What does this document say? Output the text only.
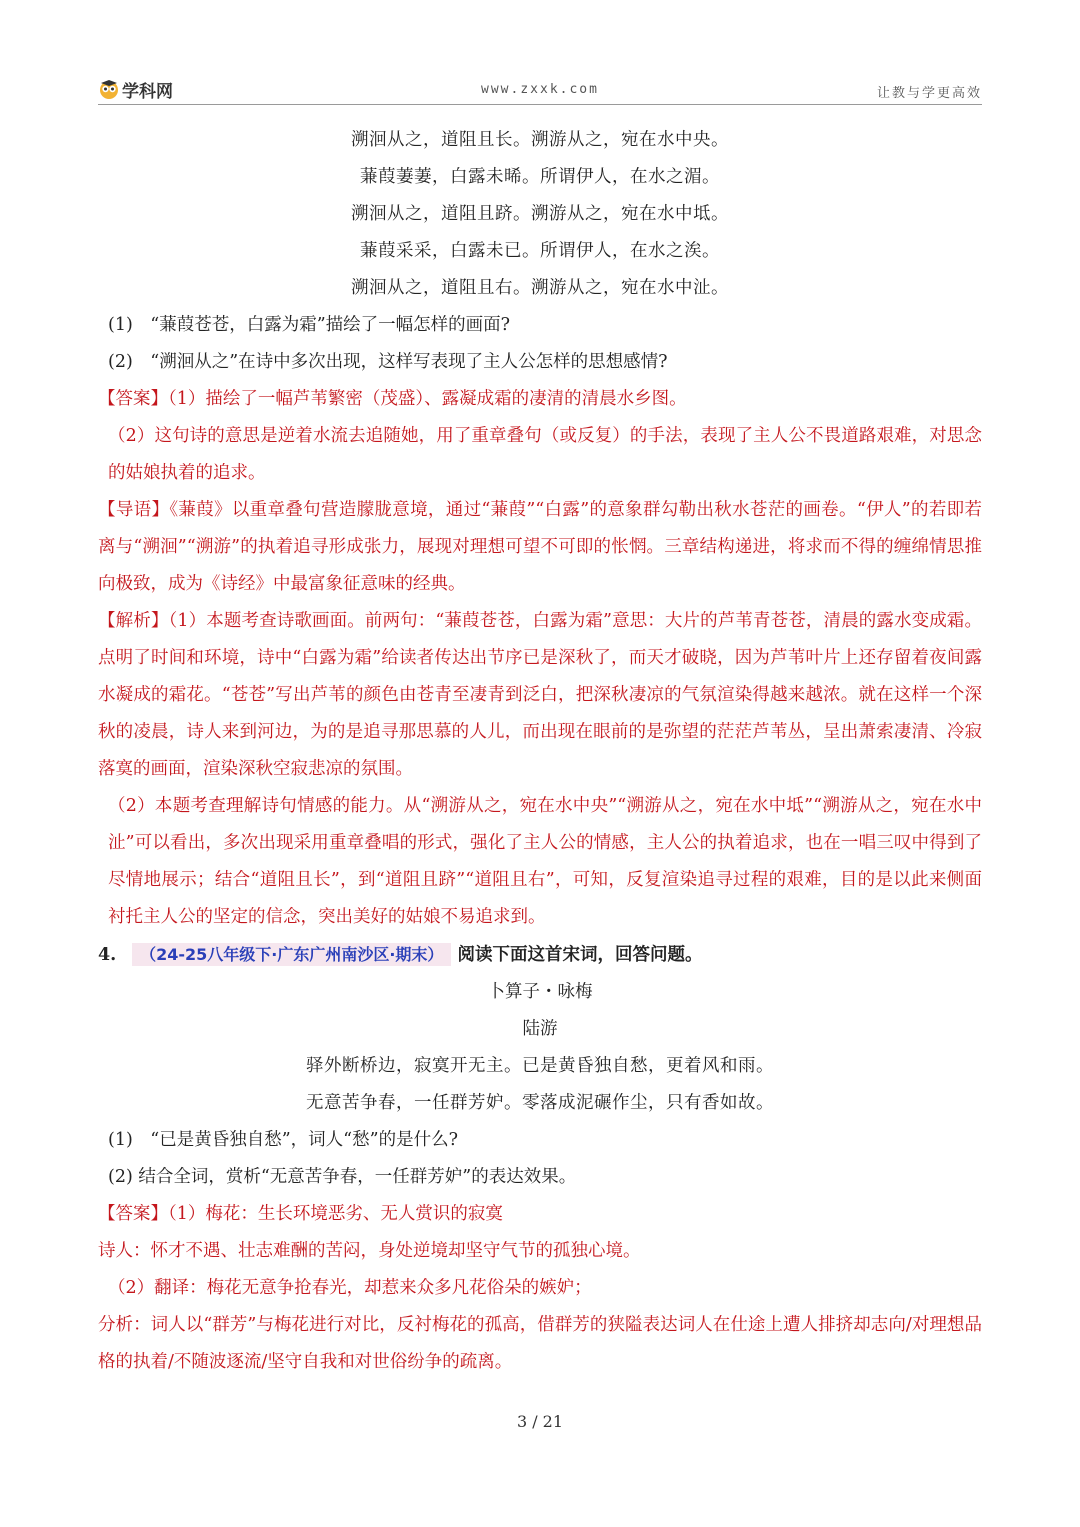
学科网	www.zxxk.com	让教与学更高效
溯洄从之，道阻且长。溯游从之，宛在水中央。
蒹葭萋萋，白露未晞。所谓伊人，在水之湄。
溯洄从之，道阻且跻。溯游从之，宛在水中坻。
蒹葭采采，白露未已。所谓伊人，在水之涘。
溯洄从之，道阻且右。溯游从之，宛在水中沚。
(1)　“蒹葭苍苍，白露为霜”描绘了一幅怎样的画面?
(2)　“溯洄从之”在诗中多次出现，这样写表现了主人公怎样的思想感情?
【答案】（1）描绘了一幅芦苇繁密（茂盛）、露凝成霜的凄清的清晨水乡图。
（2）这句诗的意思是逆着水流去追随她，用了重章叠句（或反复）的手法，表现了主人公不畏道路艰难，对思念的姑娘执着的追求。
【导语】《蒹葭》以重章叠句营造朦胧意境，通过“蒹葭”“白露”的意象群勾勒出秋水苍茫的画卷。“伊人”的若即若离与“溯洄”“溯游”的执着追寻形成张力，展现对理想可望不可即的怅惘。三章结构递进，将求而不得的缠绵情思推向极致，成为《诗经》中最富象征意味的经典。
【解析】（1）本题考查诗歌画面。前两句：“蒹葭苍苍，白露为霜”意思：大片的芦苇青苍苍，清晨的露水变成霜。点明了时间和环境，诗中“白露为霜”给读者传达出节序已是深秋了，而天才破晓，因为芦苇叶片上还存留着夜间露水凝成的霜花。“苍苍”写出芦苇的颜色由苍青至凄青到泛白，把深秋凄凉的气氛渲染得越来越浓。就在这样一个深秋的凌晨，诗人来到河边，为的是追寻那思慕的人儿，而出现在眼前的是弥望的茫茫芦苇丛，呈出萧索凄清、冷寂落寞的画面，渲染深秋空寂悲凉的氛围。
（2）本题考查理解诗句情感的能力。从“溯游从之，宛在水中央”“溯游从之，宛在水中坻”“溯游从之，宛在水中沚”可以看出，多次出现采用重章叠唱的形式，强化了主人公的情感，主人公的执着追求，也在一唱三叹中得到了尽情地展示；结合“道阻且长”，到“道阻且跻”“道阻且右”，可知，反复渲染追寻过程的艰难，目的是以此来侧面衬托主人公的坚定的信念，突出美好的姑娘不易追求到。
4. （24-25八年级下·广东广州南沙区·期末） 阅读下面这首宋词，回答问题。
卜算子・咏梅
陆游
驿外断桥边，寂寞开无主。已是黄昏独自愁，更着风和雨。
无意苦争春，一任群芳妒。零落成泥碾作尘，只有香如故。
(1)　“已是黄昏独自愁”，词人“愁”的是什么?
(2) 结合全词，赏析“无意苦争春，一任群芳妒”的表达效果。
【答案】（1）梅花：生长环境恶劣、无人赏识的寂寞
诗人：怀才不遇、壮志难酬的苦闷，身处逆境却坚守气节的孤独心境。
（2）翻译：梅花无意争抢春光，却惹来众多凡花俗朵的嫉妒；
分析：词人以“群芳”与梅花进行对比，反衬梅花的孤高，借群芳的狭隘表达词人在仕途上遭人排挤却志向/对理想品格的执着/不随波逐流/坚守自我和对世俗纷争的疏离。
3 / 21
